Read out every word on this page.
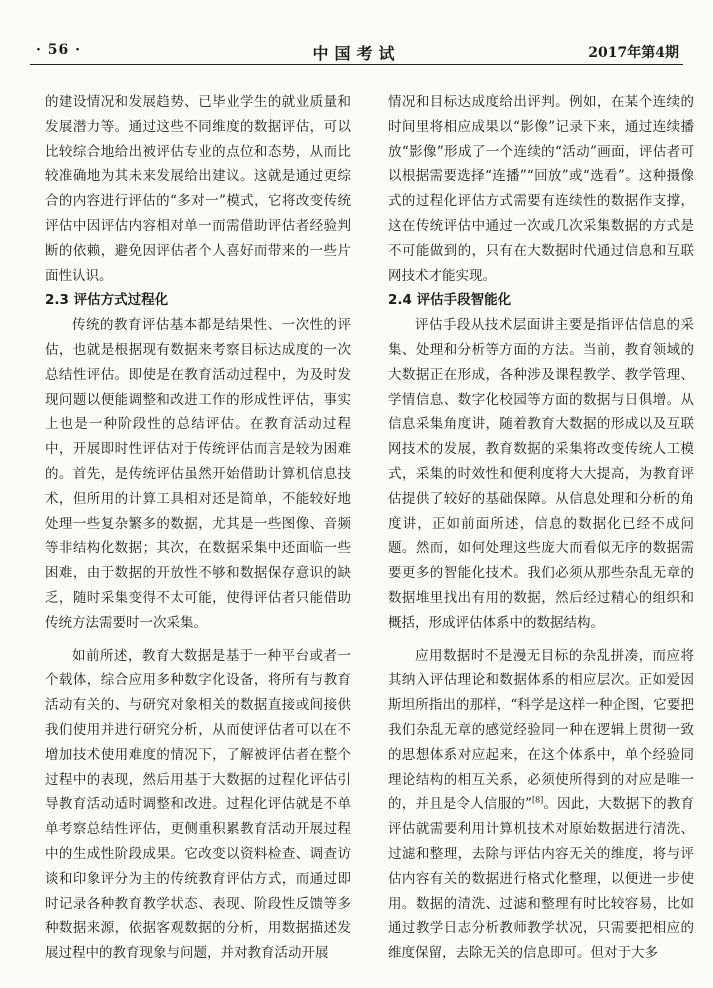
· 56 ·	中国考试	2017年第4期

的建设情况和发展趋势、已毕业学生的就业质量和发展潜力等。通过这些不同维度的数据评估，可以比较综合地给出被评估专业的点位和态势，从而比较准确地为其未来发展给出建议。这就是通过更综合的内容进行评估的“多对一”模式，它将改变传统评估中因评估内容相对单一而需借助评估者经验判断的依赖，避免因评估者个人喜好而带来的一些片面性认识。

2.3 评估方式过程化

传统的教育评估基本都是结果性、一次性的评估，也就是根据现有数据来考察目标达成度的一次总结性评估。即使是在教育活动过程中，为及时发现问题以便能调整和改进工作的形成性评估，事实上也是一种阶段性的总结评估。在教育活动过程中，开展即时性评估对于传统评估而言是较为困难的。首先，是传统评估虽然开始借助计算机信息技术，但所用的计算工具相对还是简单，不能较好地处理一些复杂繁多的数据，尤其是一些图像、音频等非结构化数据；其次，在数据采集中还面临一些困难，由于数据的开放性不够和数据保存意识的缺乏，随时采集变得不太可能，使得评估者只能借助传统方法需要时一次采集。

如前所述，教育大数据是基于一种平台或者一个载体，综合应用多种数字化设备，将所有与教育活动有关的、与研究对象相关的数据直接或间接供我们使用并进行研究分析，从而使评估者可以在不增加技术使用难度的情况下，了解被评估者在整个过程中的表现，然后用基于大数据的过程化评估引导教育活动适时调整和改进。过程化评估就是不单单考察总结性评估，更侧重积累教育活动开展过程中的生成性阶段成果。它改变以资料检查、调查访谈和印象评分为主的传统教育评估方式，而通过即时记录各种教育教学状态、表现、阶段性反馈等多种数据来源，依据客观数据的分析，用数据描述发展过程中的教育现象与问题，并对教育活动开展

情况和目标达成度给出评判。例如，在某个连续的时间里将相应成果以“影像”记录下来，通过连续播放“影像”形成了一个连续的“活动”画面，评估者可以根据需要选择“连播”“回放”或“选看”。这种摄像式的过程化评估方式需要有连续性的数据作支撑，这在传统评估中通过一次或几次采集数据的方式是不可能做到的，只有在大数据时代通过信息和互联网技术才能实现。

2.4 评估手段智能化

评估手段从技术层面讲主要是指评估信息的采集、处理和分析等方面的方法。当前，教育领域的大数据正在形成，各种涉及课程教学、教学管理、学情信息、数字化校园等方面的数据与日俱增。从信息采集角度讲，随着教育大数据的形成以及互联网技术的发展，教育数据的采集将改变传统人工模式，采集的时效性和便利度将大大提高，为教育评估提供了较好的基础保障。从信息处理和分析的角度讲，正如前面所述，信息的数据化已经不成问题。然而，如何处理这些庞大而看似无序的数据需要更多的智能化技术。我们必须从那些杂乱无章的数据堆里找出有用的数据，然后经过精心的组织和概括，形成评估体系中的数据结构。

应用数据时不是漫无目标的杂乱拼凑，而应将其纳入评估理论和数据体系的相应层次。正如爱因斯坦所指出的那样，“科学是这样一种企图，它要把我们杂乱无章的感觉经验同一种在逻辑上贯彻一致的思想体系对应起来，在这个体系中，单个经验同理论结构的相互关系，必须使所得到的对应是唯一的，并且是令人信服的”[8]。因此，大数据下的教育评估就需要利用计算机技术对原始数据进行清洗、过滤和整理，去除与评估内容无关的维度，将与评估内容有关的数据进行格式化整理，以便进一步使用。数据的清洗、过滤和整理有时比较容易，比如通过教学日志分析教师教学状况，只需要把相应的维度保留，去除无关的信息即可。但对于大多
